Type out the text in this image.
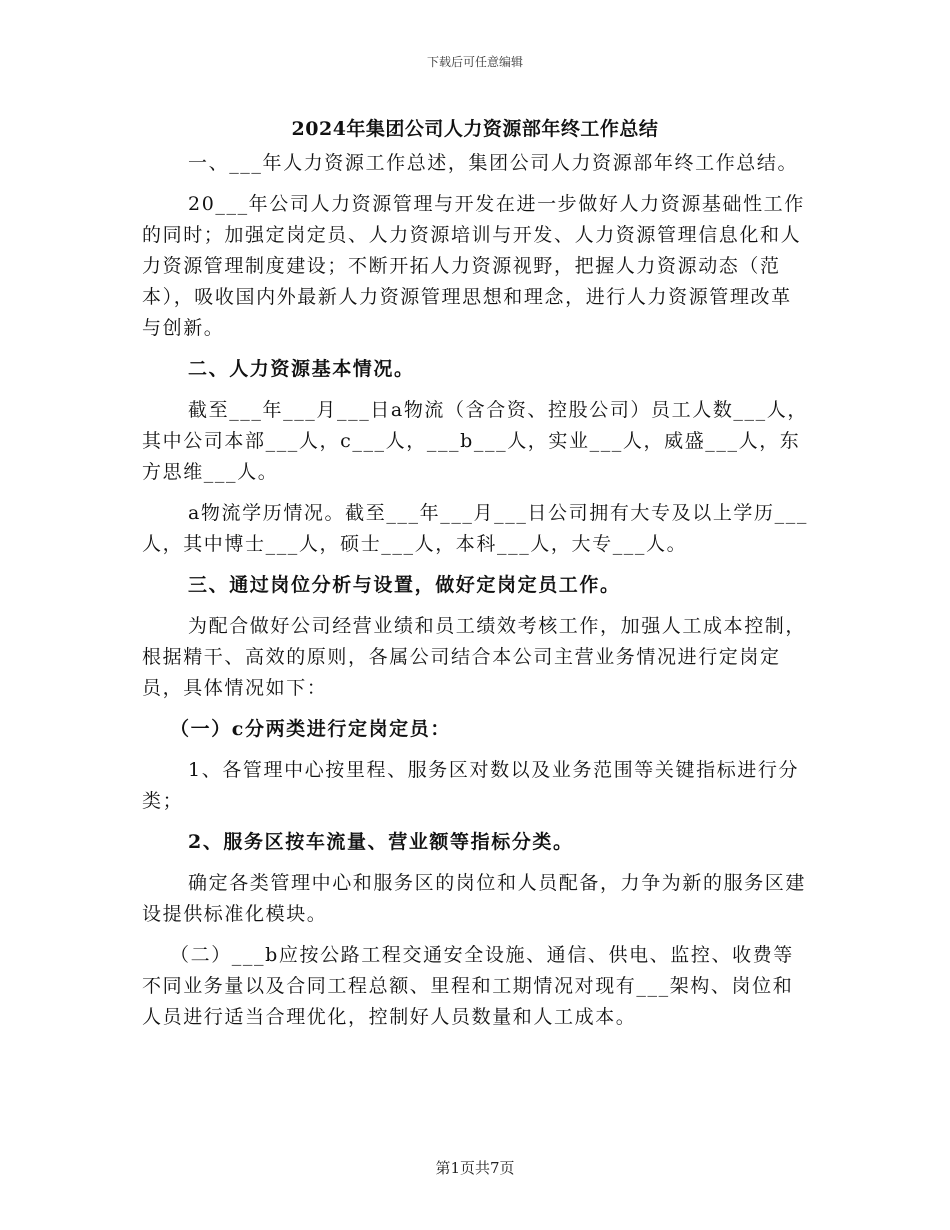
下载后可任意编辑
2024年集团公司人力资源部年终工作总结

一、___年人力资源工作总述，集团公司人力资源部年终工作总结。

20___年公司人力资源管理与开发在进一步做好人力资源基础性工作的同时；加强定岗定员、人力资源培训与开发、人力资源管理信息化和人力资源管理制度建设；不断开拓人力资源视野，把握人力资源动态（范本），吸收国内外最新人力资源管理思想和理念，进行人力资源管理改革与创新。

二、人力资源基本情况。

截至___年___月___日a物流（含合资、控股公司）员工人数___人，其中公司本部___人，c___人，___b___人，实业___人，威盛___人，东方思维___人。

a物流学历情况。截至___年___月___日公司拥有大专及以上学历___人，其中博士___人，硕士___人，本科___人，大专___人。

三、通过岗位分析与设置，做好定岗定员工作。

为配合做好公司经营业绩和员工绩效考核工作，加强人工成本控制，根据精干、高效的原则，各属公司结合本公司主营业务情况进行定岗定员，具体情况如下：

（一）c分两类进行定岗定员：

1、各管理中心按里程、服务区对数以及业务范围等关键指标进行分类；

2、服务区按车流量、营业额等指标分类。

确定各类管理中心和服务区的岗位和人员配备，力争为新的服务区建设提供标准化模块。

（二）___b应按公路工程交通安全设施、通信、供电、监控、收费等不同业务量以及合同工程总额、里程和工期情况对现有___架构、岗位和人员进行适当合理优化，控制好人员数量和人工成本。

第1页共7页
